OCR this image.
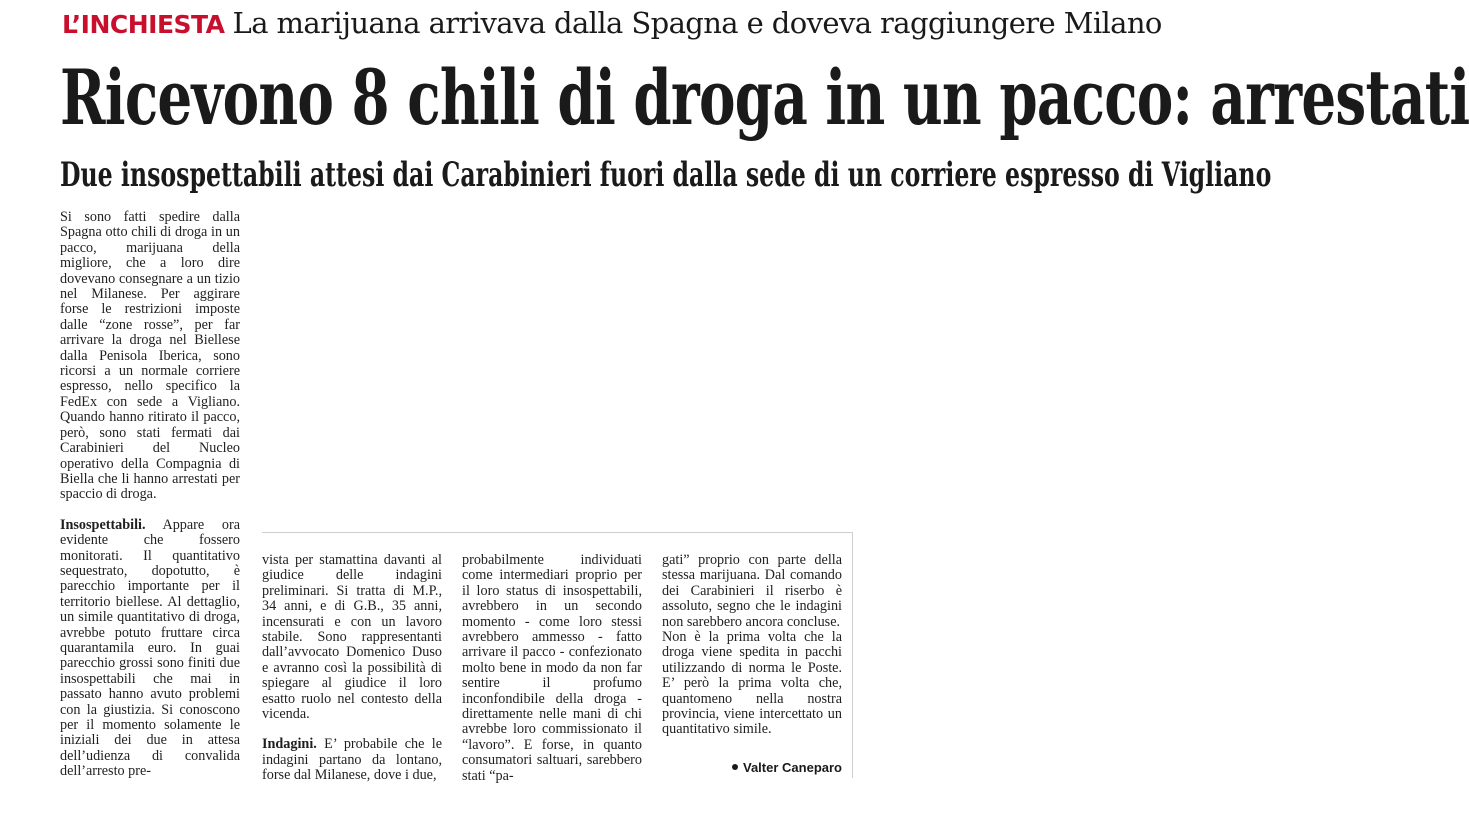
L’INCHIESTA La marijuana arrivava dalla Spagna e doveva raggiungere Milano
Ricevono 8 chili di droga in un pacco: arrestati
Due insospettabili attesi dai Carabinieri fuori dalla sede di un corriere espresso di Vigliano

Si sono fatti spedire dalla Spagna otto chili di droga in un pacco, marijuana della migliore, che a loro dire dovevano consegnare a un tizio nel Milanese. Per aggirare forse le restrizioni imposte dalle “zone rosse”, per far arrivare la droga nel Biellese dalla Penisola Iberica, sono ricorsi a un normale corriere espresso, nello specifico la FedEx con sede a Vigliano. Quando hanno ritirato il pacco, però, sono stati fermati dai Carabinieri del Nucleo operativo della Compagnia di Biella che li hanno arrestati per spaccio di droga.

Insospettabili. Appare ora evidente che fossero monitorati. Il quantitativo sequestrato, dopotutto, è parecchio importante per il territorio biellese. Al dettaglio, un simile quantitativo di droga, avrebbe potuto fruttare circa quarantamila euro. In guai parecchio grossi sono finiti due insospettabili che mai in passato hanno avuto problemi con la giustizia. Si conoscono per il momento solamente le iniziali dei due in attesa dell’udienza di convalida dell’arresto pre-

vista per stamattina davanti al giudice delle indagini preliminari. Si tratta di M.P., 34 anni, e di G.B., 35 anni, incensurati e con un lavoro stabile. Sono rappresentanti dall’avvocato Domenico Duso e avranno così la possibilità di spiegare al giudice il loro esatto ruolo nel contesto della vicenda.

Indagini. E’ probabile che le indagini partano da lontano, forse dal Milanese, dove i due,

probabilmente individuati come intermediari proprio per il loro status di insospettabili, avrebbero in un secondo momento - come loro stessi avrebbero ammesso - fatto arrivare il pacco - confezionato molto bene in modo da non far sentire il profumo inconfondibile della droga - direttamente nelle mani di chi avrebbe loro commissionato il “lavoro”. E forse, in quanto consumatori saltuari, sarebbero stati “pa-

gati” proprio con parte della stessa marijuana. Dal comando dei Carabinieri il riserbo è assoluto, segno che le indagini non sarebbero ancora concluse.

Non è la prima volta che la droga viene spedita in pacchi utilizzando di norma le Poste. E’ però la prima volta che, quantomeno nella nostra provincia, viene intercettato un quantitativo simile.

Valter Caneparo
